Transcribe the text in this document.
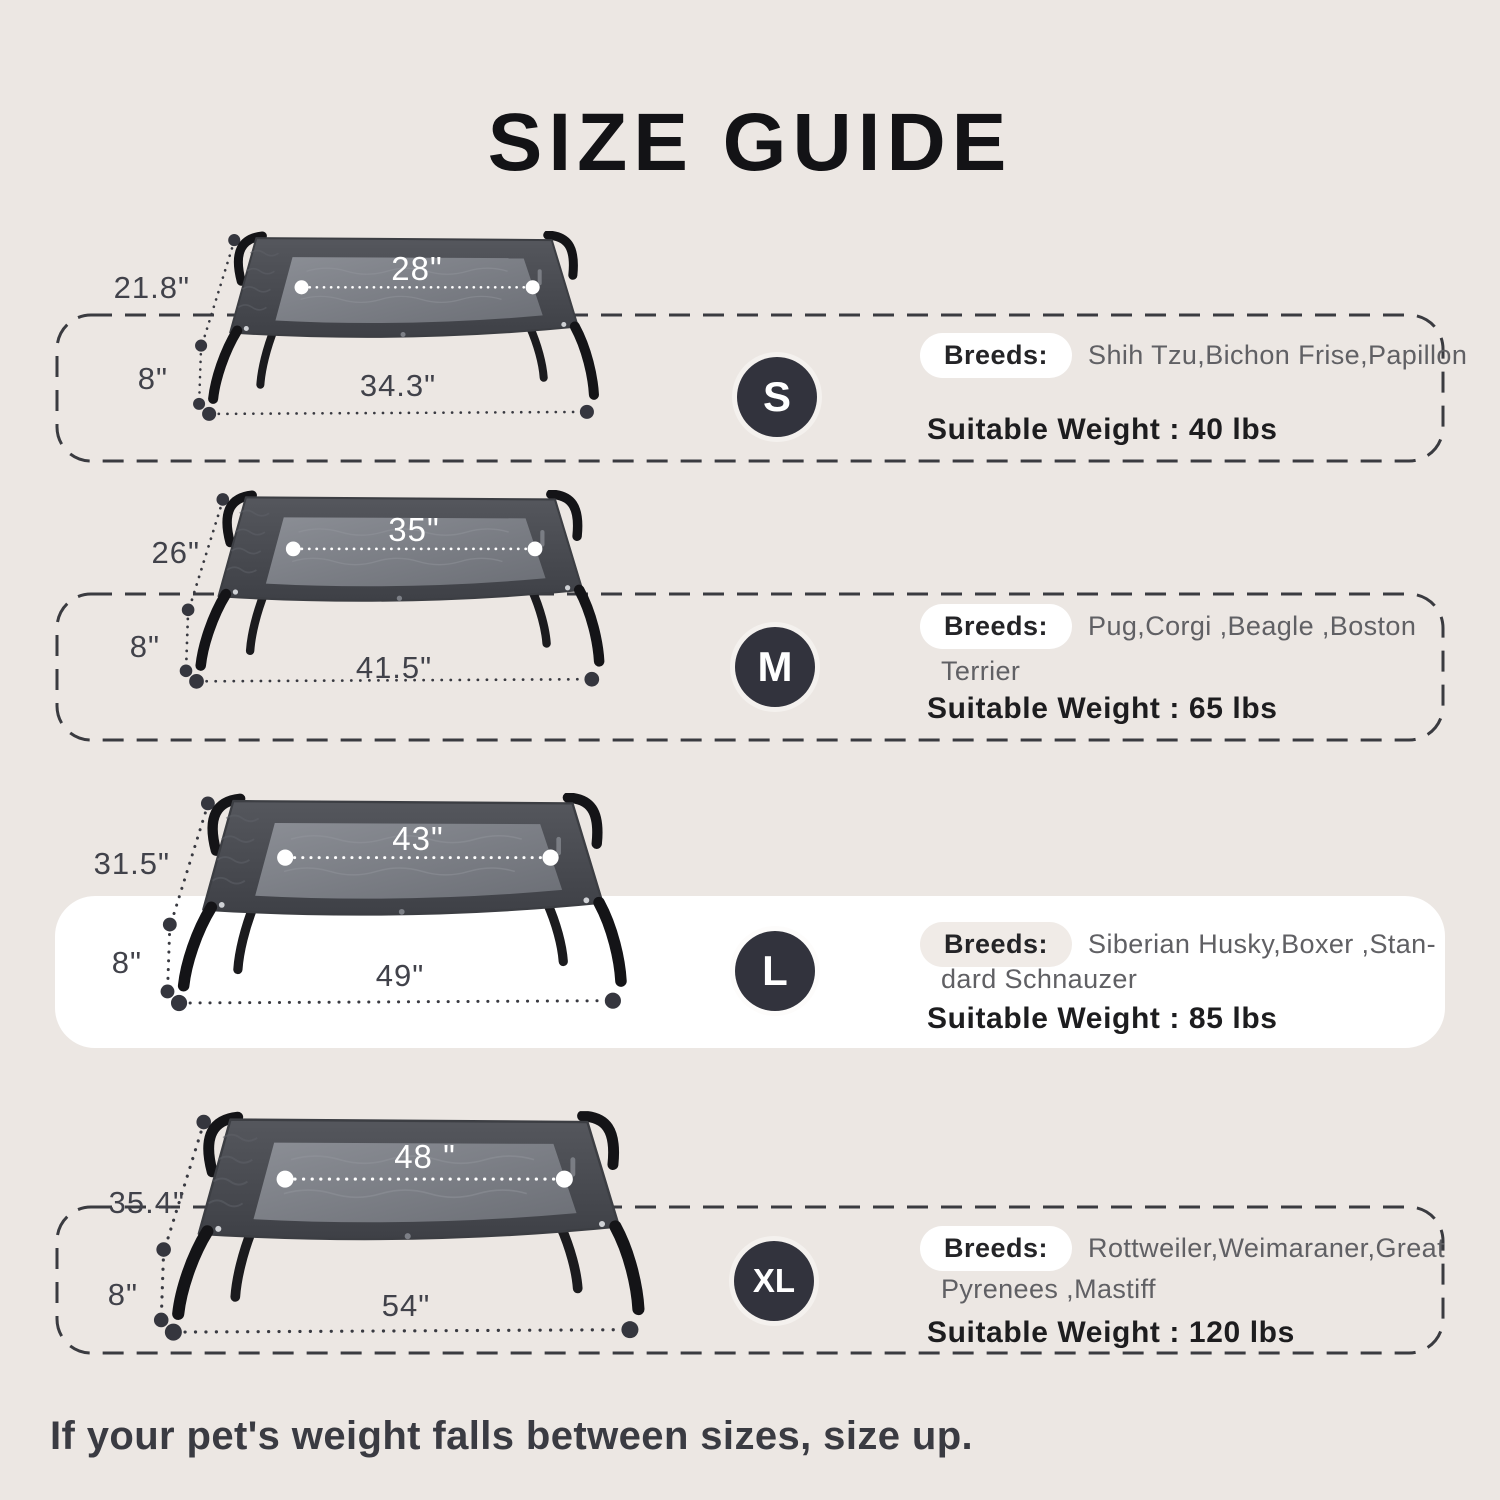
SIZE GUIDE
28"
21.8"
8"	34.3"	S
Breeds:	Shih Tzu,Bichon Frise,Papillon
Suitable Weight : 40 lbs
35"
26"
8"
41.5"	M
Breeds:	Pug,Corgi ,Beagle ,Boston
Terrier
Suitable Weight : 65 lbs
43"
31.5"
8"	49"	L
Breeds:	Siberian Husky,Boxer ,Stan-
dard Schnauzer
Suitable Weight : 85 lbs
48 "
35.4"
8"	54"
XL
Breeds:	Rottweiler,Weimaraner,Great
Pyrenees ,Mastiff
Suitable Weight : 120 lbs
If your pet's weight falls between sizes, size up.
